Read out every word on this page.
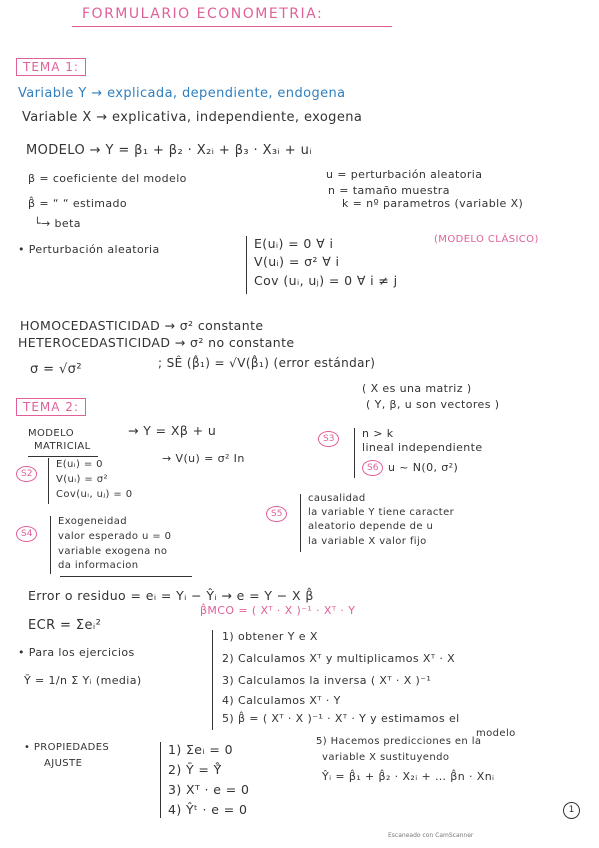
FORMULARIO ECONOMETRIA:
TEMA 1:
Variable Y → explicada, dependiente, endogena
Variable X → explicativa, independiente, exogena
MODELO → Y = β₁ + β₂ · X₂ᵢ + β₃ · X₃ᵢ + uᵢ
β = coeficiente del modelo	u = perturbación aleatoria
n = tamaño muestra
β̂ = “ “ estimado	k = nº parametros (variable X)
└→ beta
• Perturbación aleatoria	E(uᵢ) = 0 ∀ i
V(uᵢ) = σ² ∀ i
Cov (uᵢ, uⱼ) = 0 ∀ i ≠ j
(MODELO CLÁSICO)
HOMOCEDASTICIDAD → σ² constante
HETEROCEDASTICIDAD → σ² no constante
σ = √σ²	; SÊ (β̂₁) = √V(β̂₁) (error estándar)
TEMA 2:
( X es una matriz )
( Y, β, u son vectores )
MODELO
MATRICIAL
→ Y = Xβ + u
S3	n > k
lineal independiente
S6 u ~ N(0, σ²)
S2
E(uᵢ) = 0
V(uᵢ) = σ²
Cov(uᵢ, uⱼ) = 0
→ V(u) = σ² In
S5
causalidad
la variable Y tiene caracter
aleatorio depende de u
la variable X valor fijo
S4
Exogeneidad
valor esperado u = 0
variable exogena no
da informacion
Error o residuo = eᵢ = Yᵢ − Ŷᵢ → e = Y − X β̂
ECR = Σeᵢ²
β̂MCO = ( Xᵀ · X )⁻¹ · Xᵀ · Y
• Para los ejercicios
Ȳ = 1/n Σ Yᵢ (media)
1) obtener Y e X
2) Calculamos Xᵀ y multiplicamos Xᵀ · X
3) Calculamos la inversa ( Xᵀ · X )⁻¹
4) Calculamos Xᵀ · Y
5) β̂ = ( Xᵀ · X )⁻¹ · Xᵀ · Y y estimamos el
modelo
• PROPIEDADES
AJUSTE
1) Σeᵢ = 0
2) Ȳ = Ŷ̄
3) Xᵀ · e = 0
4) Ŷᵗ · e = 0
5) Hacemos predicciones en la
variable X sustituyendo
Ŷᵢ = β̂₁ + β̂₂ · X₂ᵢ + … β̂n · Xnᵢ
1
Escaneado con CamScanner
